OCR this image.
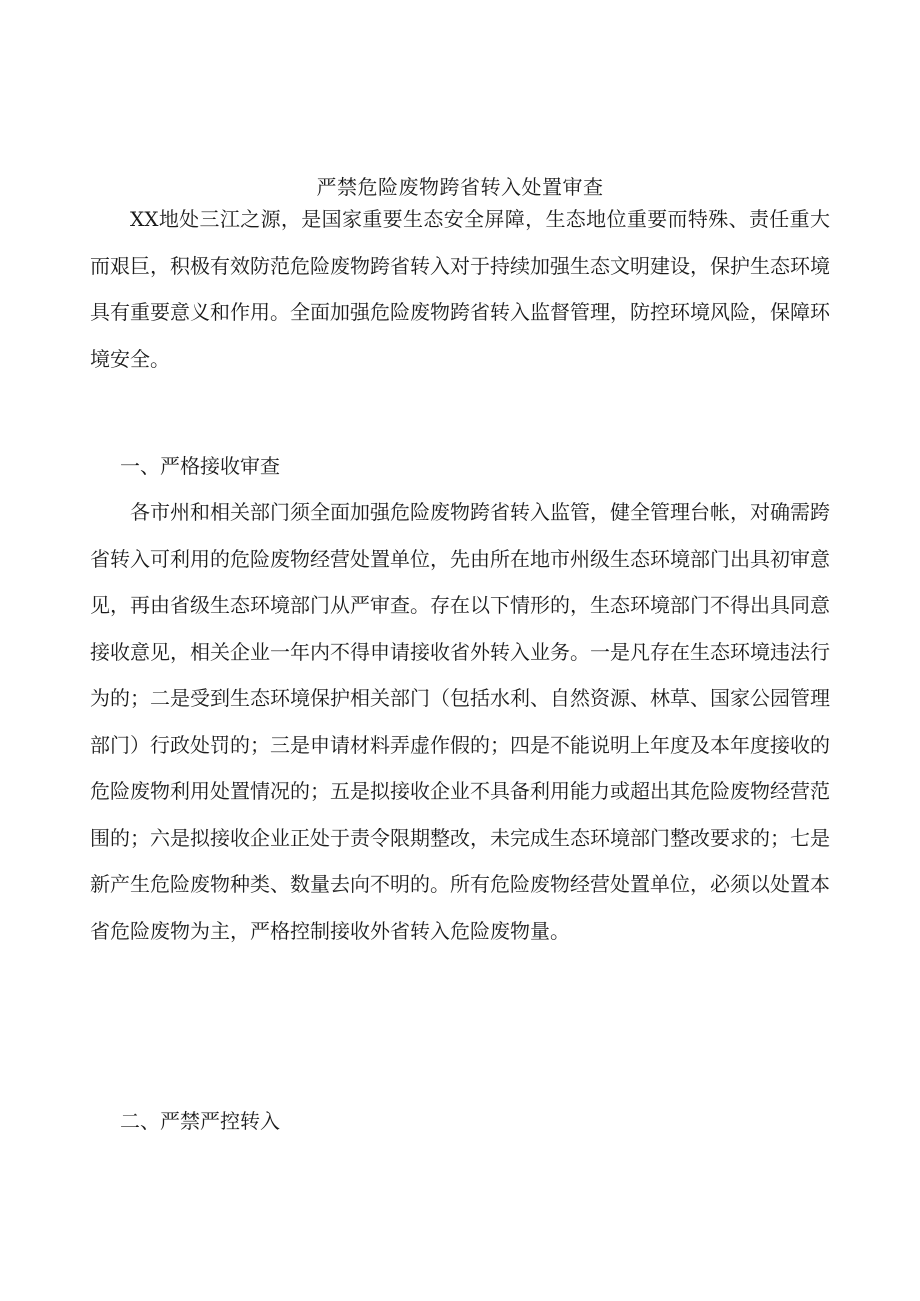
严禁危险废物跨省转入处置审查

XX地处三江之源，是国家重要生态安全屏障，生态地位重要而特殊、责任重大而艰巨，积极有效防范危险废物跨省转入对于持续加强生态文明建设，保护生态环境具有重要意义和作用。全面加强危险废物跨省转入监督管理，防控环境风险，保障环境安全。

一、严格接收审查

各市州和相关部门须全面加强危险废物跨省转入监管，健全管理台帐，对确需跨省转入可利用的危险废物经营处置单位，先由所在地市州级生态环境部门出具初审意见，再由省级生态环境部门从严审查。存在以下情形的，生态环境部门不得出具同意接收意见，相关企业一年内不得申请接收省外转入业务。一是凡存在生态环境违法行为的；二是受到生态环境保护相关部门（包括水利、自然资源、林草、国家公园管理部门）行政处罚的；三是申请材料弄虚作假的；四是不能说明上年度及本年度接收的危险废物利用处置情况的；五是拟接收企业不具备利用能力或超出其危险废物经营范围的；六是拟接收企业正处于责令限期整改，未完成生态环境部门整改要求的；七是新产生危险废物种类、数量去向不明的。所有危险废物经营处置单位，必须以处置本省危险废物为主，严格控制接收外省转入危险废物量。

二、严禁严控转入
